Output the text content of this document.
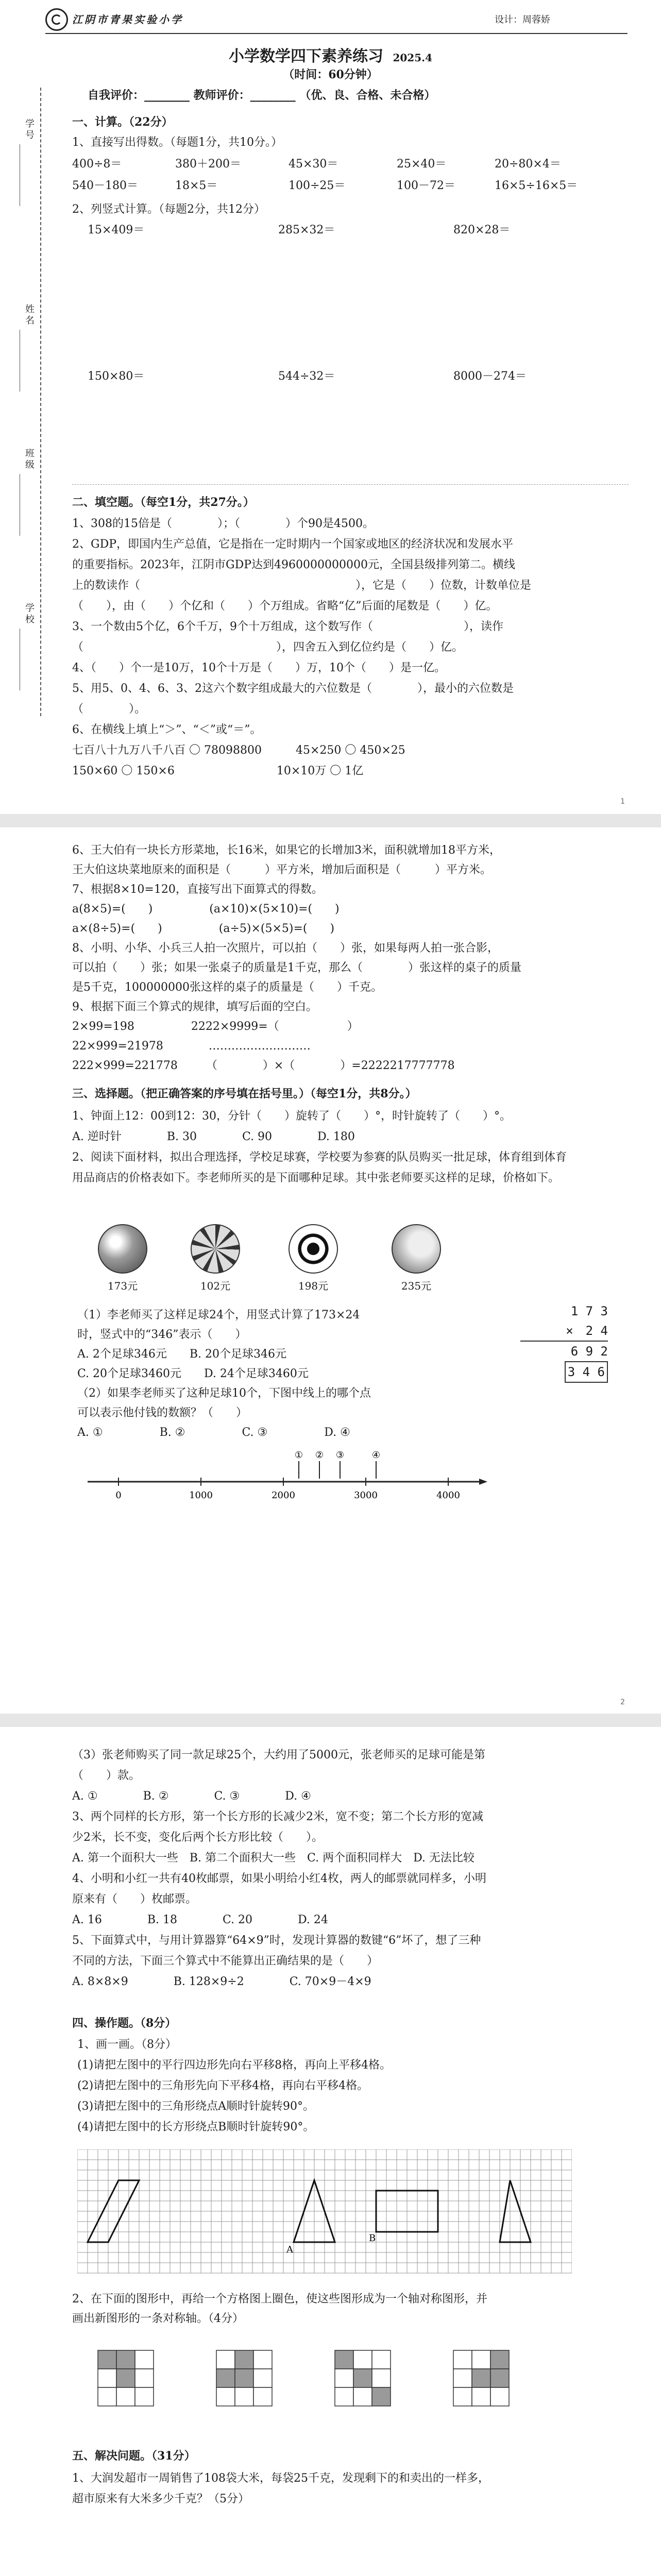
江阴市青果实验小学	设计：周蓉娇
小学数学四下素养练习 2025.4
（时间：60分钟）
学号
姓名
班级
学校
自我评价：________ 教师评价：________ （优、良、合格、未合格）
一、计算。（22分）
1、直接写出得数。（每题1分，共10分。）
400÷8＝	380＋200＝	45×30＝	25×40＝	20÷80×4＝
540－180＝	18×5＝	100÷25＝	100－72＝	16×5÷16×5＝
2、列竖式计算。（每题2分，共12分）
15×409＝	285×32＝	820×28＝
150×80＝	544÷32＝	8000－274＝
二、填空题。（每空1分，共27分。）
1、308的15倍是（　　　　）；（　　　　）个90是4500。
2、GDP，即国内生产总值，它是指在一定时期内一个国家或地区的经济状况和发展水平
的重要指标。2023年，江阴市GDP达到4960000000000元，全国县级排列第二。横线
上的数读作（　　　　　　　　　　　　　　　　　　　），它是（　　）位数，计数单位是
（　　），由（　　）个亿和（　　）个万组成。省略“亿”后面的尾数是（　　）亿。
3、一个数由5个亿，6个千万，9个十万组成，这个数写作（　　　　　　　　），读作
（　　　　　　　　　　　　　　　　　），四舍五入到亿位约是（　　）亿。
4、（　　）个一是10万，10个十万是（　　）万，10个（　　）是一亿。
5、用5、0、4、6、3、2这六个数字组成最大的六位数是（　　　　），最小的六位数是
（　　　　）。
6、在横线上填上“＞”、“＜”或“＝”。
七百八十九万八千八百 〇 78098800　　　45×250 〇 450×25
150×60 〇 150×6　　　　　　　　　10×10万 〇 1亿
1
6、王大伯有一块长方形菜地，长16米，如果它的长增加3米，面积就增加18平方米，
王大伯这块菜地原来的面积是（　　　）平方米，增加后面积是（　　　）平方米。
7、根据8×10=120，直接写出下面算式的得数。
a(8×5)=(　　)　　　　　(a×10)×(5×10)=(　　)
a×(8÷5)=(　　)　　　　　(a÷5)×(5×5)=(　　)
8、小明、小华、小兵三人拍一次照片，可以拍（　　）张，如果每两人拍一张合影，
可以拍（　　）张；如果一张桌子的质量是1千克，那么（　　　　）张这样的桌子的质量
是5千克，100000000张这样的桌子的质量是（　　）千克。
9、根据下面三个算式的规律，填写后面的空白。
2×99=198　　　　　2222×9999=（　　　　　　）
22×999=21978　　　　………………………
222×999=221778　　　（　　　　）×（　　　　）=2222217777778
三、选择题。（把正确答案的序号填在括号里。）（每空1分，共8分。）
1、钟面上12：00到12：30，分针（　　）旋转了（　　）°，时针旋转了（　　）°。
A. 逆时针　　　　B. 30　　　　C. 90　　　　D. 180
2、阅读下面材料，拟出合理选择，学校足球赛，学校要为参赛的队员购买一批足球，体育组到体育
用品商店的价格表如下。李老师所买的是下面哪种足球。其中张老师要买这样的足球，价格如下。
173元	102元	198元	235元
（1）李老师买了这样足球24个，用竖式计算了173×24
时，竖式中的“346”表示（　　）
A. 2个足球346元　　B. 20个足球346元
C. 20个足球3460元　　D. 24个足球3460元
（2）如果李老师买了这种足球10个，下图中线上的哪个点
可以表示他付钱的数额？（　　）
A. ①　　　　　B. ②　　　　　C. ③　　　　　D. ④
1 7 3
×　2 4
6 9 2
3 4 6
0	1000	2000	3000	4000
① ② ③	④
2
（3）张老师购买了同一款足球25个，大约用了5000元，张老师买的足球可能是第
（　　）款。
A. ①　　　　B. ②　　　　C. ③　　　　D. ④
3、两个同样的长方形，第一个长方形的长减少2米，宽不变；第二个长方形的宽减
少2米，长不变，变化后两个长方形比较（　　）。
A. 第一个面积大一些　B. 第二个面积大一些　C. 两个面积同样大　D. 无法比较
4、小明和小红一共有40枚邮票，如果小明给小红4枚，两人的邮票就同样多，小明
原来有（　　）枚邮票。
A. 16　　　　B. 18　　　　C. 20　　　　D. 24
5、下面算式中，与用计算器算“64×9”时，发现计算器的数键“6”坏了，想了三种
不同的方法，下面三个算式中不能算出正确结果的是（　　）
A. 8×8×9　　　　B. 128×9÷2　　　　C. 70×9－4×9
四、操作题。（8分）
1、画一画。（8分）
(1)请把左图中的平行四边形先向右平移8格，再向上平移4格。
(2)请把左图中的三角形先向下平移4格，再向右平移4格。
(3)请把左图中的三角形绕点A顺时针旋转90°。
(4)请把左图中的长方形绕点B顺时针旋转90°。
A
B
2、在下面的图形中，再给一个方格图上圈色，使这些图形成为一个轴对称图形，并
画出新图形的一条对称轴。（4分）
五、解决问题。（31分）
1、大润发超市一周销售了108袋大米，每袋25千克，发现剩下的和卖出的一样多，
超市原来有大米多少千克？（5分）
